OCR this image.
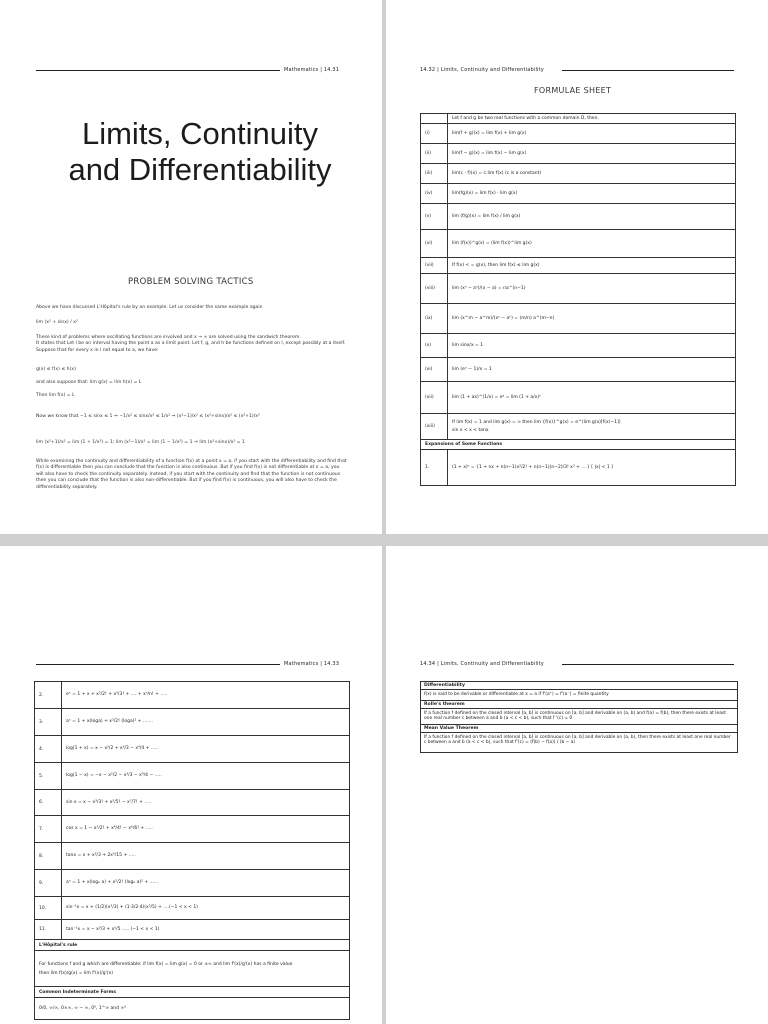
Mathematics | 14.31
Limits, Continuity
and Differentiability
PROBLEM SOLVING TACTICS
Above we have discussed L'Hôpital's rule by an example. Let us consider the same example again
lim (x² + sinx) / x²
These kind of problems where oscillating functions are involved and x → ∞ are solved using the sandwich theorem.
It states that Let l be an interval having the point a as a limit point. Let f, g, and h be functions defined on l, except possibly at a itself. Suppose that for every x in l not equal to a, we have:
g(x) ≤ f(x) ≤ h(x)
and also suppose that: lim g(x) = lim h(x) = L
Then lim f(x) = L
Now we know that −1 ≤ sinx ≤ 1 ⇒ −1/x² ≤ sinx/x² ≤ 1/x² ⇒ (x²−1)/x² ≤ (x²+sinx)/x² ≤ (x²+1)/x²
lim (x²+1)/x² = lim (1 + 1/x²) = 1; lim (x²−1)/x² = lim (1 − 1/x²) = 1 ⇒ lim (x²+sinx)/x² = 1
While examining the continuity and differentiability of a function f(x) at a point x = a, if you start with the differentiability and find that f(x) is differentiable then you can conclude that the function is also continuous. But if you find f(x) is not differentiable at x = a, you will also have to check the continuity separately. Instead, if you start with the continuity and find that the function is not continuous then you can conclude that the function is also non-differentiable. But if you find f(x) is continuous, you will also have to check the differentiability separately.
14.32 | Limits, Continuity and Differentiability
FORMULAE SHEET
	Let f and g be two real functions with a common domain D, then.
(i)	lim(f + g)(x) = lim f(x) + lim g(x)
(ii)	lim(f − g)(x) = lim f(x) − lim g(x)
(iii)	lim(c · f)(x) = c.lim f(x) (c is a constant)
(iv)	lim(fg)(x) = lim f(x) · lim g(x)
(v)	lim (f/g)(x) = lim f(x) / lim g(x)
(vi)	lim (f(x))^g(x) = (lim f(x))^lim g(x)
(vii)	If f(x) < = g(x), then lim f(x) ≤ lim g(x)
(viii)	lim (xⁿ − aⁿ)/(x − a) = na^(n−1)
(ix)	lim (x^m − a^m)/(xⁿ − aⁿ) = (m/n) a^(m−n)
(x)	lim sinx/x = 1
(xi)	lim (eˣ − 1)/x = 1
(xii)	lim (1 + ax)^(1/x) = eᵃ = lim (1 + a/x)ˣ
(xiii)	If lim f(x) = 1 and lim g(x) = ∞ then lim {f(x)}^g(x) = e^(lim g(x)[f(x)−1])
sin x < x < tanx
Expansions of Some Functions	
1.	(1 + x)ⁿ = {1 + nx + n(n−1)x²/2! + n(n−1)(n−2)/3! x³ + ....} [ |x| < 1 ]
Mathematics | 14.33
2.	eˣ = 1 + x + x²/2! + x³/3! + .... + xⁿ/n! + .....
3.	aˣ = 1 + x(loga) + x²/2! (loga)² + .......
4.	log(1 + x) = x − x²/2 + x³/3 − x⁴/4 + .....
5.	log(1 − x) = −x − x²/2 − x³/3 − x⁴/4 − .....
6.	sin x = x − x³/3! + x⁵/5! − x⁷/7! + .....
7.	cos x = 1 − x²/2! + x⁴/4! − x⁶/6! + .....
8.	tanx = x + x³/3 + 2x⁵/15 + .....
9.	aˣ = 1 + x(logₑ a) + x²/2! (logₑ a)² + ......
10.	sin⁻¹x = x + (1/2)(x³/3) + (1·3/2·4)(x⁵/5) + ....(−1 < x < 1)
11.	tan⁻¹x = x − x³/3 + x⁵/5 ..... (−1 < x < 1)
L'Hôpital's rule	
For functions f and g which are differentiable: if lim f(x) = lim g(x) = 0 or ±∞ and lim f'(x)/g'(x) has a finite value
then lim f(x)/g(x) = lim f'(x)/g'(x)	
Common Indeterminate Forms	
0/0, ∞/∞, 0×∞, ∞ − ∞, 0⁰, 1^∞ and ∞⁰	
14.34 | Limits, Continuity and Differentiability
Differentiability
f(x) is said to be derivable or differentiable at x = a if f'(a⁺) = f'(a⁻) = finite quantity
Rolle's theorem
If a function f defined on the closed interval [a, b] is continuous on [a, b] and derivable on (a, b) and f(a) = f(b), then there exists at least one real number c between a and b (a < c < b), such that f '(c) = 0
Mean Value Theorem
If a function f defined on the closed interval [a, b] is continuous on [a, b] and derivable on (a, b), then there exists at least one real number c between a and b (a < c < b), such that f'(c) = (f(b) − f(a)) / (b − a)
